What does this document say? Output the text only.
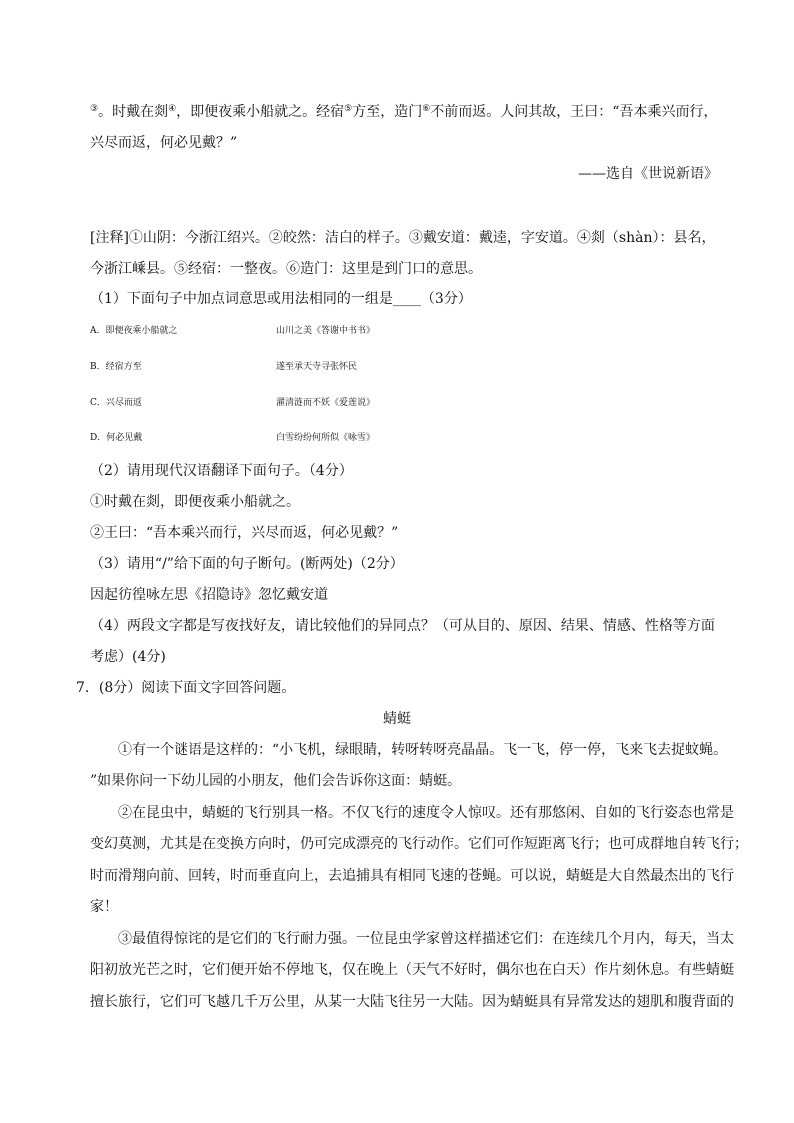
③。时戴在剡④，即便夜乘小船就之。经宿⑤方至，造门⑥不前而返。人问其故，王曰：“吾本乘兴而行，
兴尽而返，何必见戴？”
——选自《世说新语》
[注释]①山阴：今浙江绍兴。②皎然：洁白的样子。③戴安道：戴逵，字安道。④剡（shàn）：县名，
今浙江嵊县。⑤经宿：一整夜。⑥造门：这里是到门口的意思。
（1）下面句子中加点词意思或用法相同的一组是____（3分）
A．即便夜乘小船就之	山川之美《答谢中书书》
B．经宿方至	遂至承天寺寻张怀民
C．兴尽而返	濯清涟而不妖《爱莲说》
D．何必见戴	白雪纷纷何所似《咏雪》
（2）请用现代汉语翻译下面句子。（4分）
①时戴在剡，即便夜乘小船就之。
②王曰：“吾本乘兴而行，兴尽而返，何必见戴？”
（3）请用“/”给下面的句子断句。(断两处)（2分）
因起彷徨咏左思《招隐诗》忽忆戴安道
（4）两段文字都是写夜找好友，请比较他们的异同点？（可从目的、原因、结果、情感、性格等方面
考虑）(4分)
7．(8分）阅读下面文字回答问题。
蜻蜓
①有一个谜语是这样的：“小飞机，绿眼睛，转呀转呀亮晶晶。飞一飞，停一停，飞来飞去捉蚊蝇。
”如果你问一下幼儿园的小朋友，他们会告诉你这面：蜻蜓。
②在昆虫中，蜻蜓的飞行别具一格。不仅飞行的速度令人惊叹。还有那悠闲、自如的飞行姿态也常是
变幻莫测，尤其是在变换方向时，仍可完成漂亮的飞行动作。它们可作短距离飞行；也可成群地自转飞行；
时而滑翔向前、回转，时而垂直向上，去追捕具有相同飞速的苍蝇。可以说，蜻蜓是大自然最杰出的飞行
家！
③最值得惊诧的是它们的飞行耐力强。一位昆虫学家曾这样描述它们：在连续几个月内，每天，当太
阳初放光芒之时，它们便开始不停地飞，仅在晚上（天气不好时，偶尔也在白天）作片刻休息。有些蜻蜓
擅长旅行，它们可飞越几千万公里，从某一大陆飞往另一大陆。因为蜻蜓具有异常发达的翅肌和腹背面的
